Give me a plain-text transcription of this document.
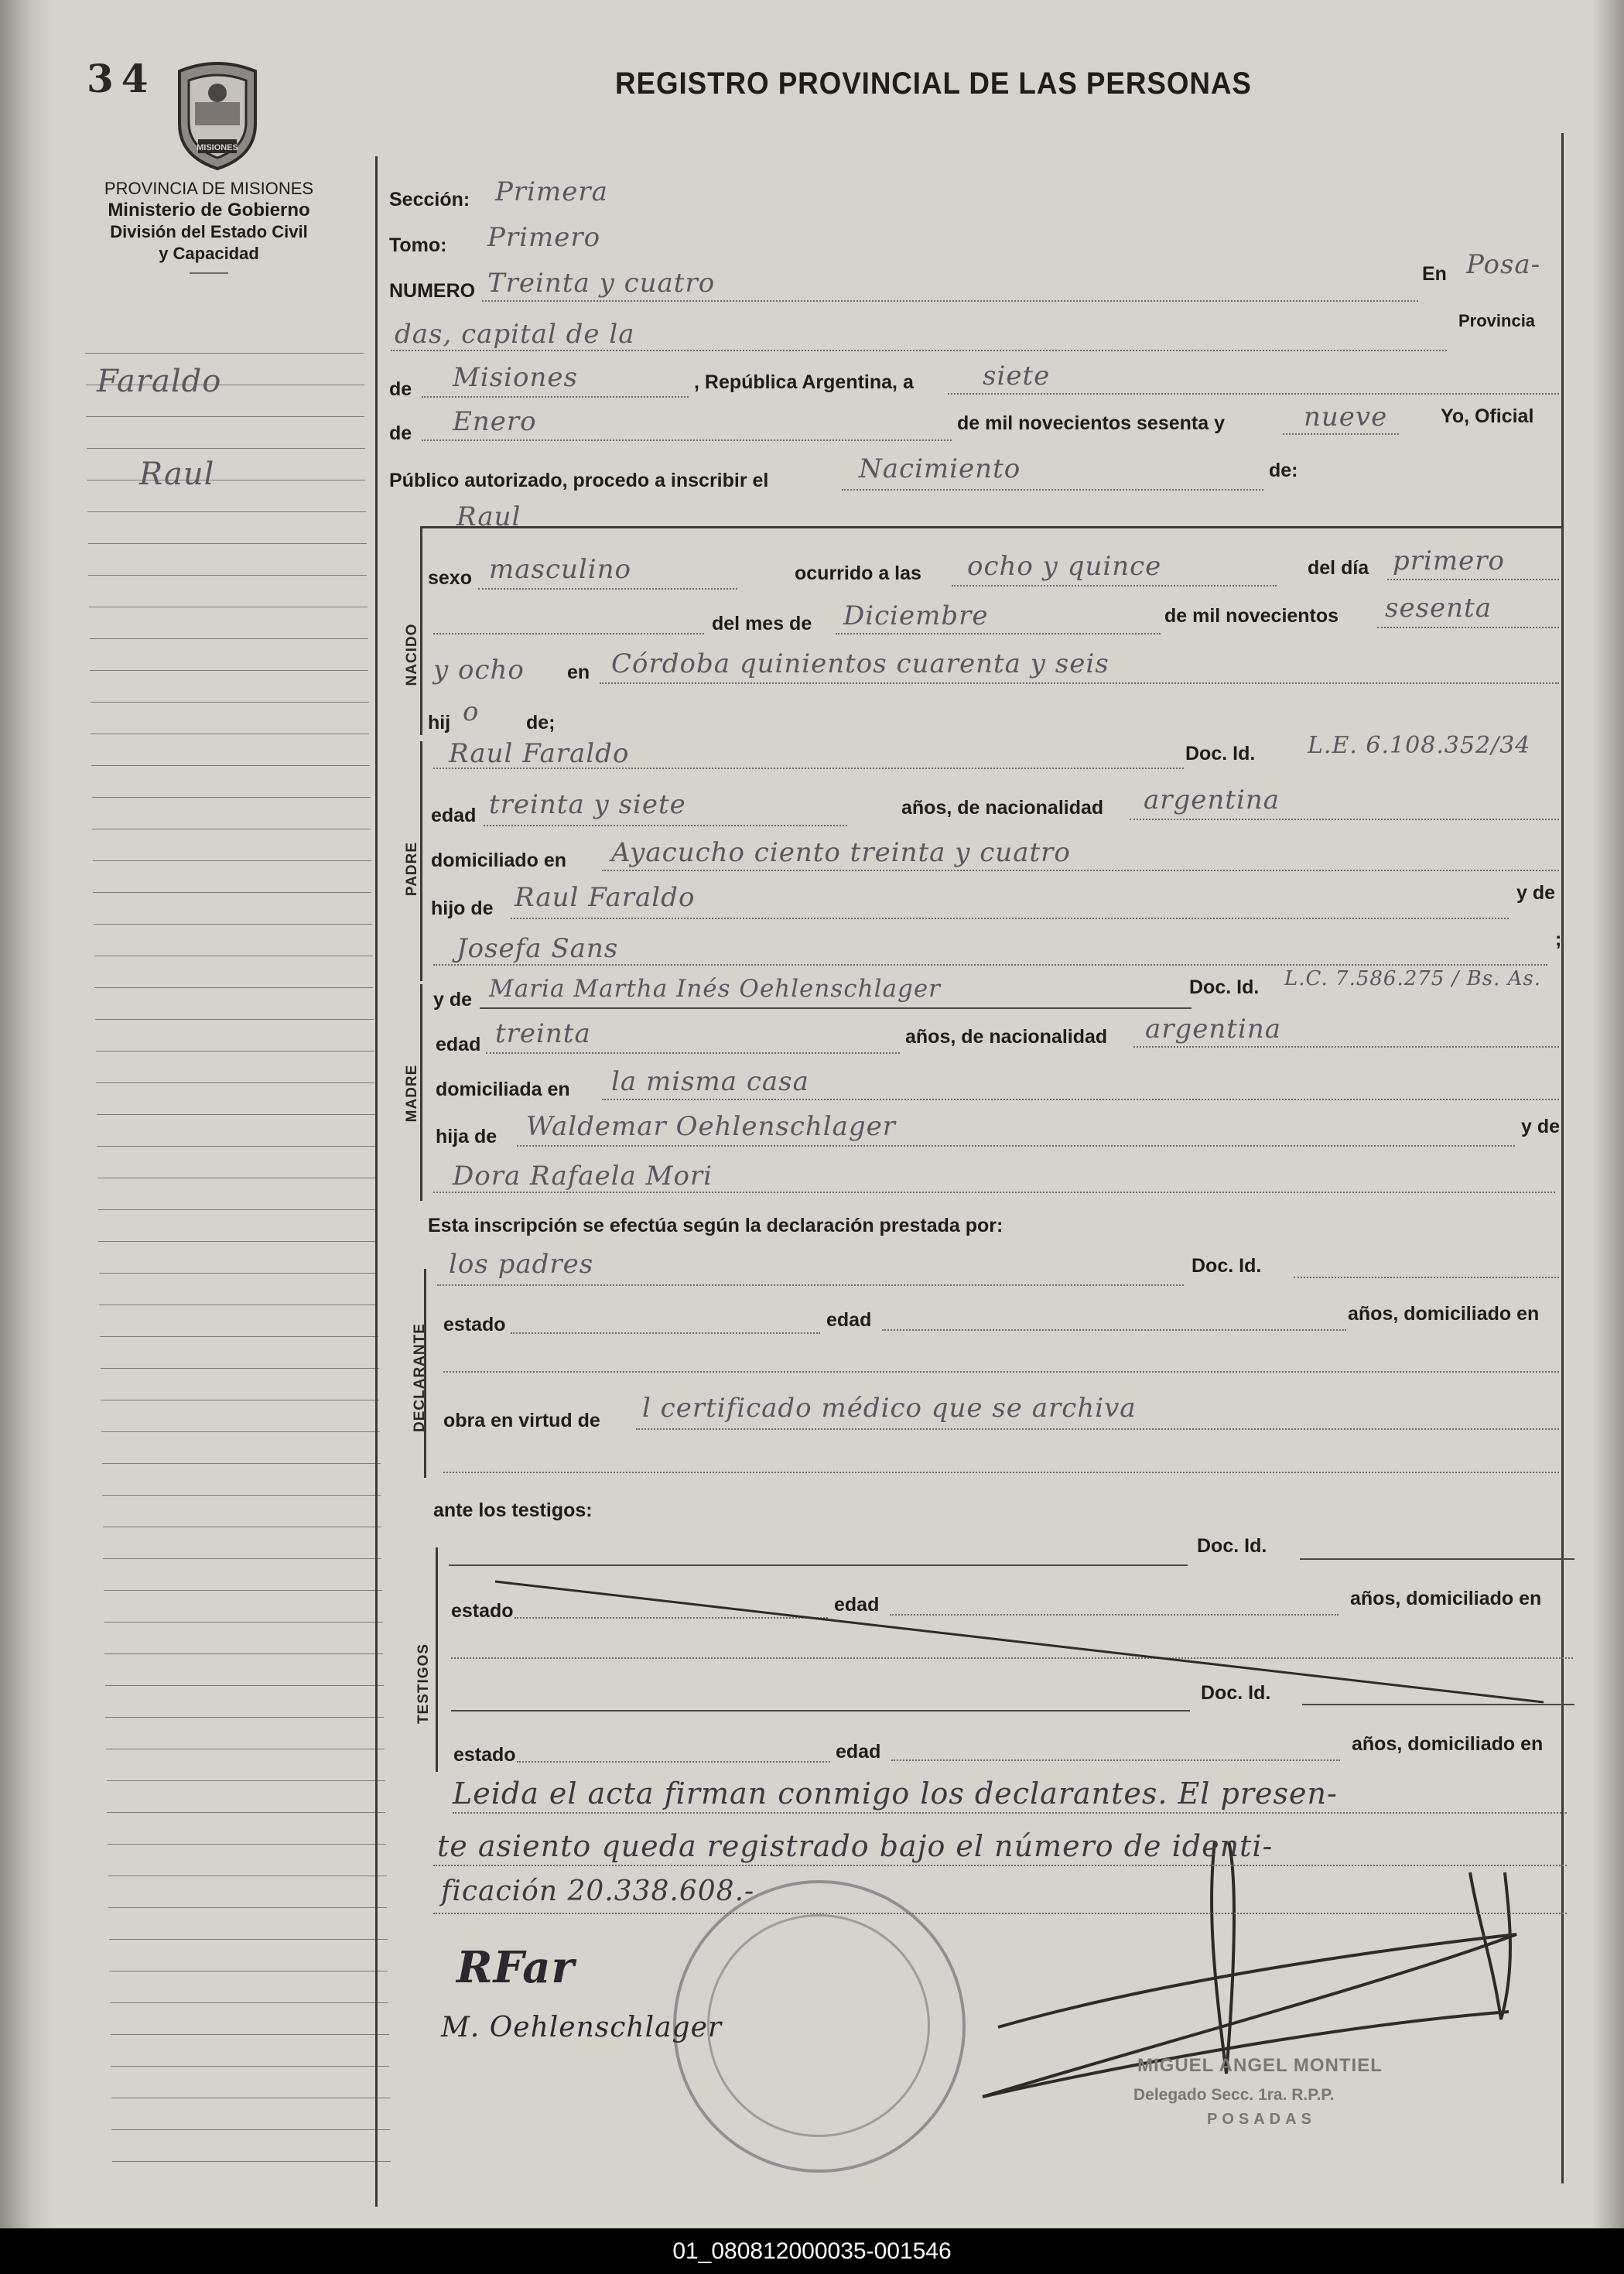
34
MISIONES
REGISTRO PROVINCIAL DE LAS PERSONAS
PROVINCIA DE MISIONES
Ministerio de Gobierno
División del Estado Civil
y Capacidad
Faraldo
Raul
Sección: Primera
Tomo: Primero
NUMERO Treinta y cuatro	En Posa-
das, capital de la	Provincia
de Misiones	, República Argentina, a	siete
de Enero	de mil novecientos sesenta y	nueve	Yo, Oficial
Público autorizado, procedo a inscribir el	Nacimiento	de:
Raul
NACIDO
sexo masculino	ocurrido a las ocho y quince	del día primero
del mes de Diciembre	de mil novecientos sesenta
y ocho en Córdoba quinientos cuarenta y seis
hij o de;
PADRE
Raul Faraldo	Doc. Id. L.E. 6.108.352/34
edad treinta y siete	años, de nacionalidad argentina
domiciliado en Ayacucho ciento treinta y cuatro
hijo de Raul Faraldo	y de
Josefa Sans	;
MADRE
y de Maria Martha Inés Oehlenschlager	Doc. Id. L.C. 7.586.275 / Bs. As.
edad treinta	años, de nacionalidad argentina
domiciliada en la misma casa
hija de Waldemar Oehlenschlager	y de
Dora Rafaela Mori
Esta inscripción se efectúa según la declaración prestada por:
DECLARANTE
los padres	Doc. Id.
estado	edad	años, domiciliado en
obra en virtud de l certificado médico que se archiva
ante los testigos:
TESTIGOS
Doc. Id.
estado	edad	años, domiciliado en
Doc. Id.
estado	edad	años, domiciliado en
Leida el acta firman conmigo los declarantes. El presen-
te asiento queda registrado bajo el número de identi-
ficación 20.338.608.-
RFar
M. Oehlenschlager
MIGUEL ANGEL MONTIEL
Delegado Secc. 1ra. R.P.P.
POSADAS
01_080812000035-001546
